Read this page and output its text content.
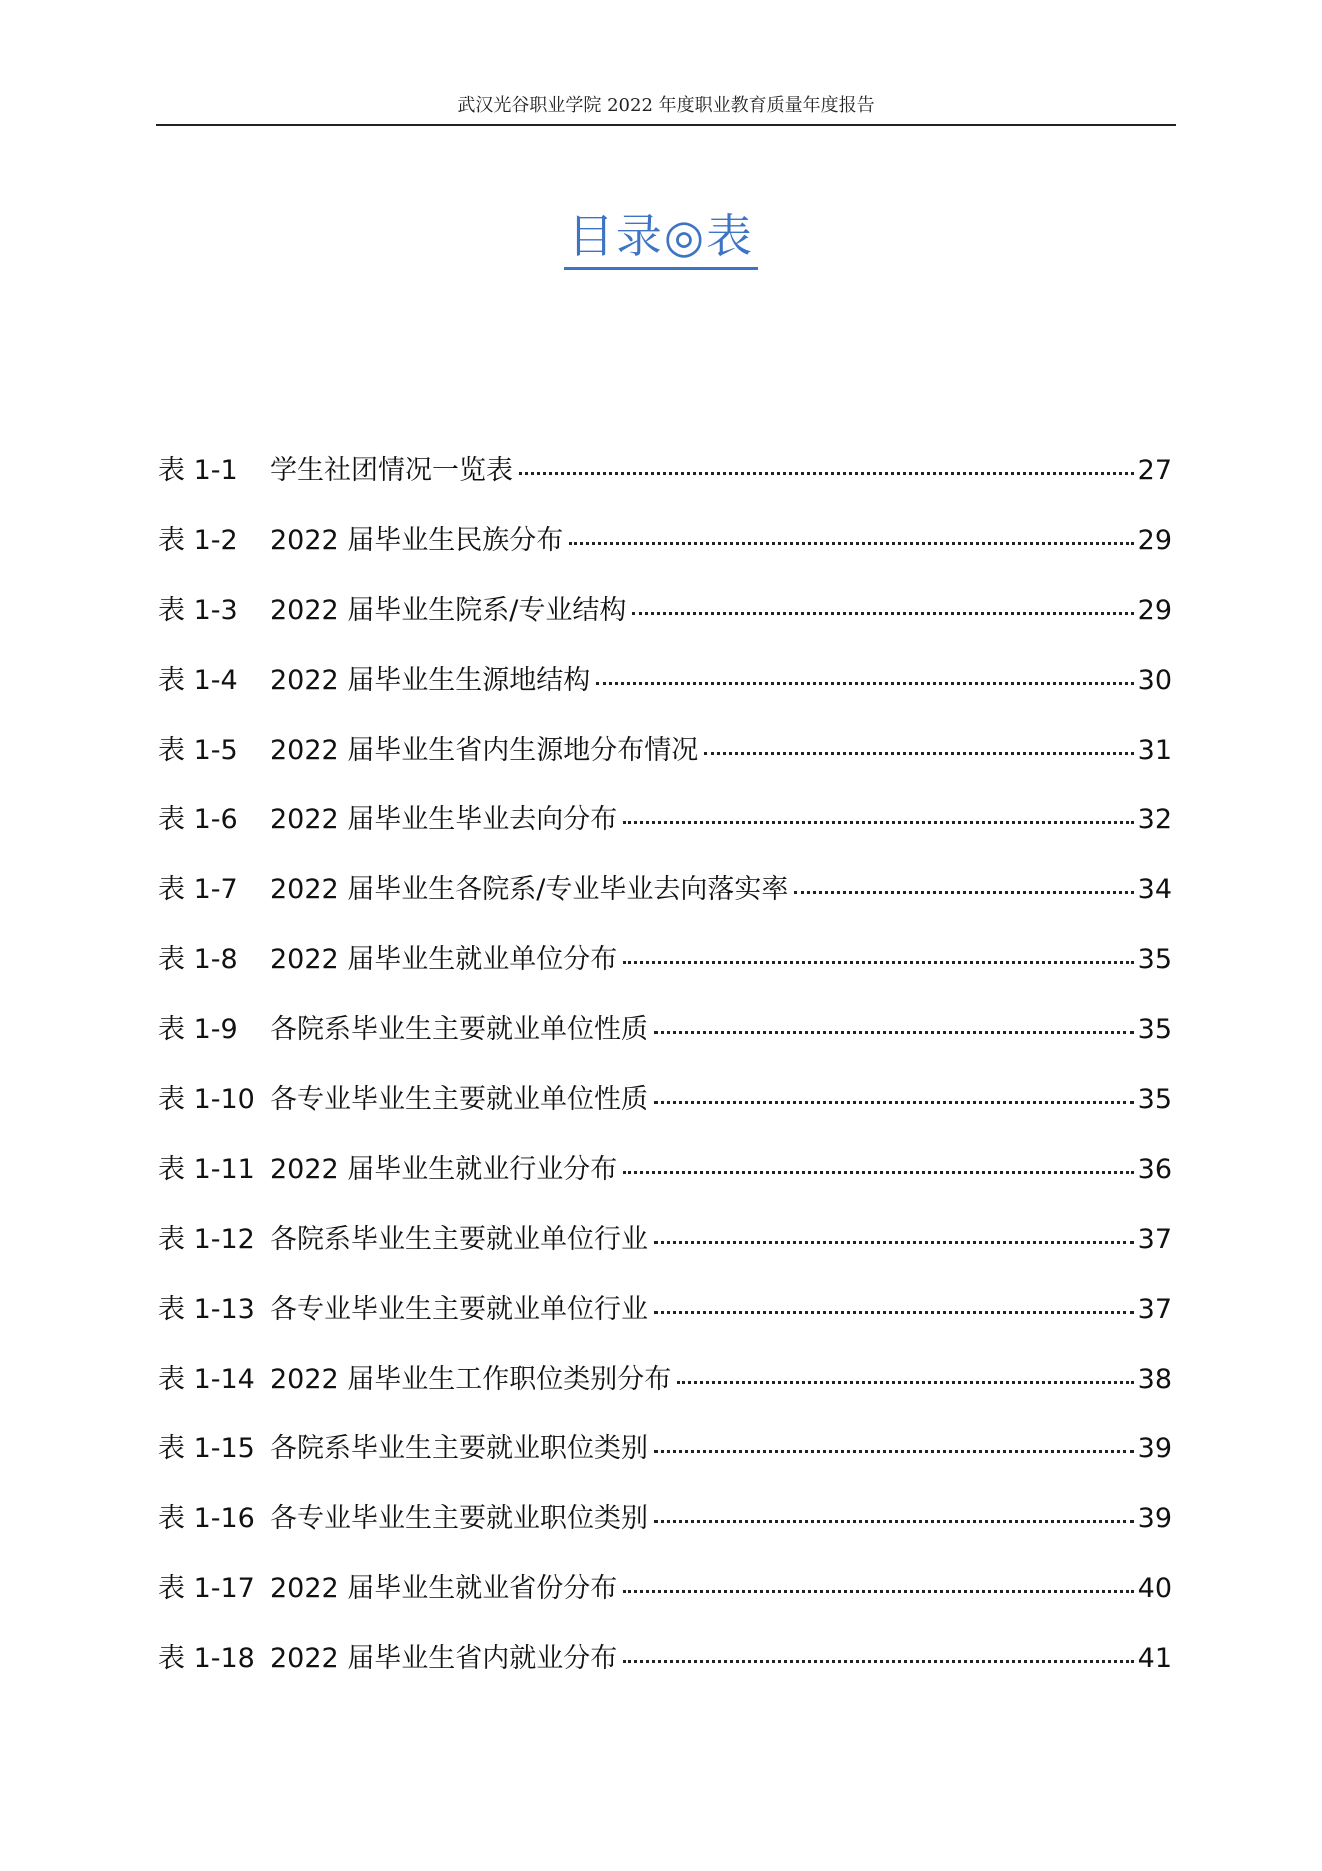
武汉光谷职业学院 2022 年度职业教育质量年度报告
目录◎表
表 1-1	学生社团情况一览表	27
表 1-2	2022 届毕业生民族分布	29
表 1-3	2022 届毕业生院系/专业结构	29
表 1-4	2022 届毕业生生源地结构	30
表 1-5	2022 届毕业生省内生源地分布情况	31
表 1-6	2022 届毕业生毕业去向分布	32
表 1-7	2022 届毕业生各院系/专业毕业去向落实率	34
表 1-8	2022 届毕业生就业单位分布	35
表 1-9	各院系毕业生主要就业单位性质	35
表 1-10 各专业毕业生主要就业单位性质	35
表 1-11 2022 届毕业生就业行业分布	36
表 1-12 各院系毕业生主要就业单位行业	37
表 1-13 各专业毕业生主要就业单位行业	37
表 1-14 2022 届毕业生工作职位类别分布	38
表 1-15 各院系毕业生主要就业职位类别	39
表 1-16 各专业毕业生主要就业职位类别	39
表 1-17 2022 届毕业生就业省份分布	40
表 1-18 2022 届毕业生省内就业分布	41
